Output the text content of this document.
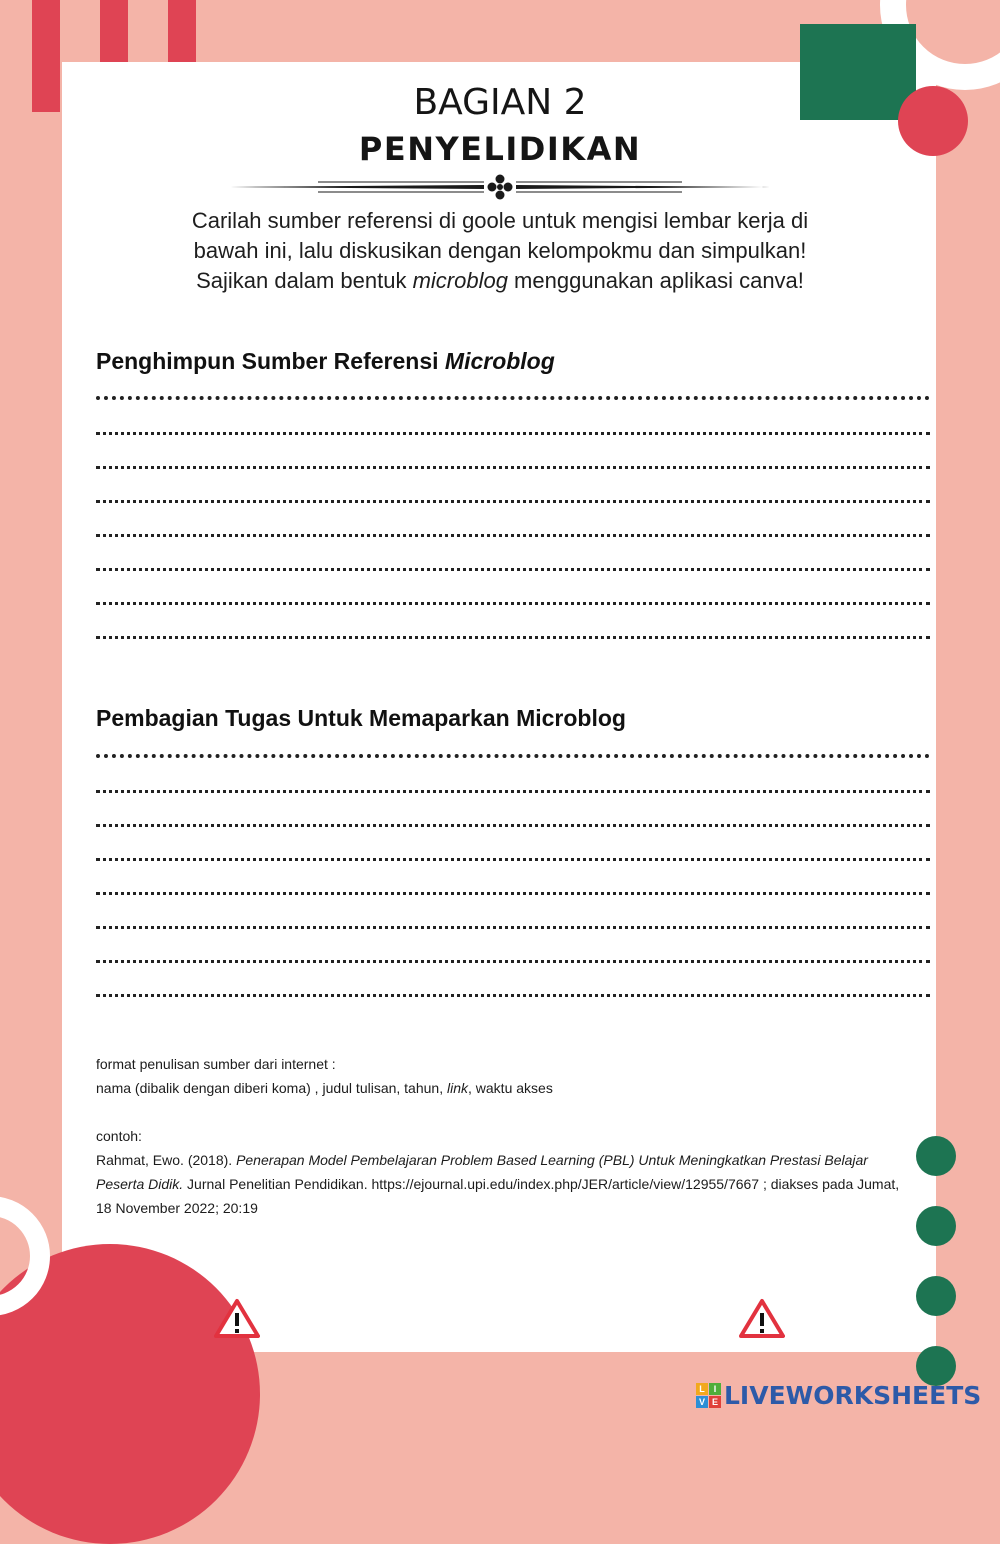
BAGIAN 2
PENYELIDIKAN
Carilah sumber referensi di goole untuk mengisi lembar kerja di
bawah ini, lalu diskusikan dengan kelompokmu dan simpulkan!
Sajikan dalam bentuk microblog menggunakan aplikasi canva!
Penghimpun Sumber Referensi Microblog
Pembagian Tugas Untuk Memaparkan Microblog
format penulisan sumber dari internet :
nama (dibalik dengan diberi koma) , judul tulisan, tahun, link, waktu akses
contoh:
Rahmat, Ewo. (2018). Penerapan Model Pembelajaran Problem Based Learning (PBL) Untuk Meningkatkan Prestasi Belajar Peserta Didik. Jurnal Penelitian Pendidikan. https://ejournal.upi.edu/index.php/JER/article/view/12955/7667 ; diakses pada Jumat, 18 November 2022; 20:19
L I
V E LIVEWORKSHEETS
